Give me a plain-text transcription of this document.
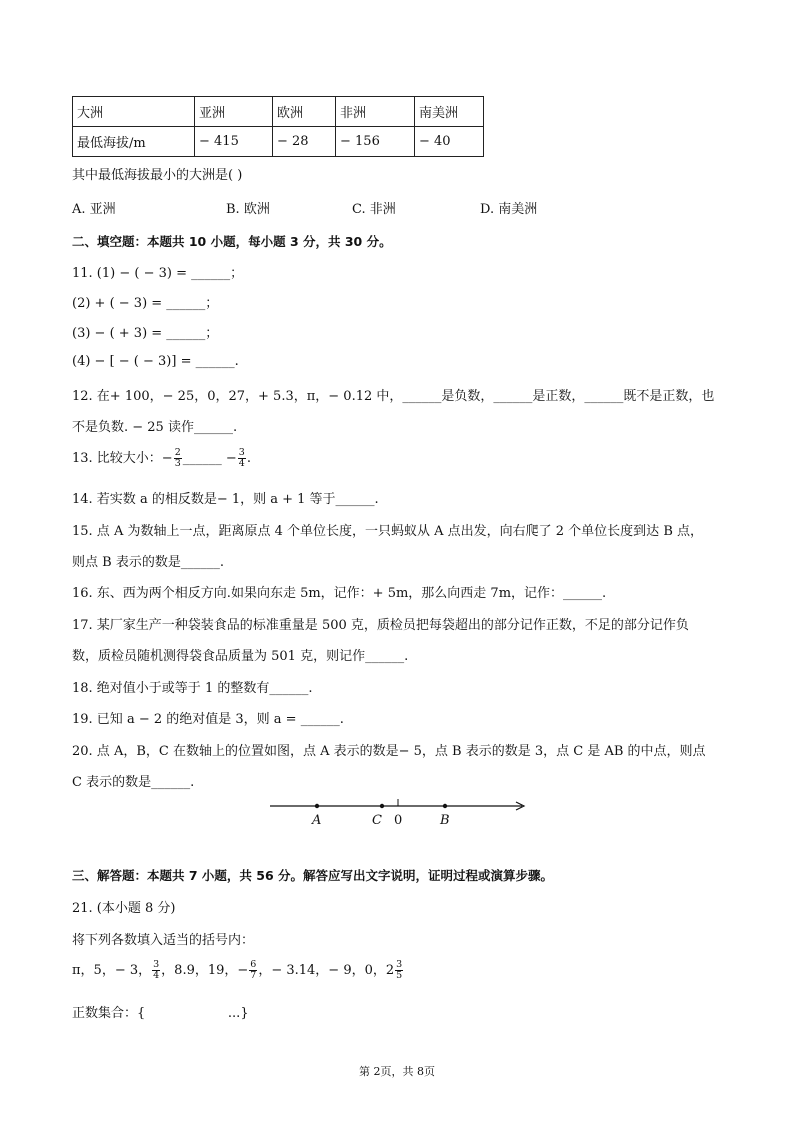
大洲	亚洲	欧洲	非洲	南美洲
最低海拔/m	− 415	− 28	− 156	− 40
其中最低海拔最小的大洲是( )
A. 亚洲	B. 欧洲	C. 非洲	D. 南美洲
二、填空题：本题共 10 小题，每小题 3 分，共 30 分。
11. (1) − ( − 3) = ______；
(2) + ( − 3) = ______；
(3) − ( + 3) = ______；
(4) − [ − ( − 3)] = ______.
12. 在+ 100，− 25，0，27，+ 5.3，π，− 0.12 中，______是负数，______是正数，______既不是正数，也
不是负数. − 25 读作______.
13. 比较大小：− $\frac{2}{3}$ ______ − $\frac{3}{4}$ .
14. 若实数 a 的相反数是− 1，则 a + 1 等于______.
15. 点 A 为数轴上一点，距离原点 4 个单位长度，一只蚂蚁从 A 点出发，向右爬了 2 个单位长度到达 B 点，
则点 B 表示的数是______.
16. 东、西为两个相反方向.如果向东走 5m，记作：+ 5m，那么向西走 7m，记作：______.
17. 某厂家生产一种袋装食品的标准重量是 500 克，质检员把每袋超出的部分记作正数，不足的部分记作负
数，质检员随机测得袋食品质量为 501 克，则记作______.
18. 绝对值小于或等于 1 的整数有______.
19. 已知 a − 2 的绝对值是 3，则 a = ______.
20. 点 A，B，C 在数轴上的位置如图，点 A 表示的数是− 5，点 B 表示的数是 3，点 C 是 AB 的中点，则点
C 表示的数是______.
A	C 0	B
三、解答题：本题共 7 小题，共 56 分。解答应写出文字说明，证明过程或演算步骤。
21. (本小题 8 分)
将下列各数填入适当的括号内：
π，5，− 3， $\frac{3}{4}$ ，8.9，19，− $\frac{6}{7}$ ，− 3.14，− 9，0，$2 \frac{3}{5}$
正数集合：{                    ...}
第 2页，共 8页
